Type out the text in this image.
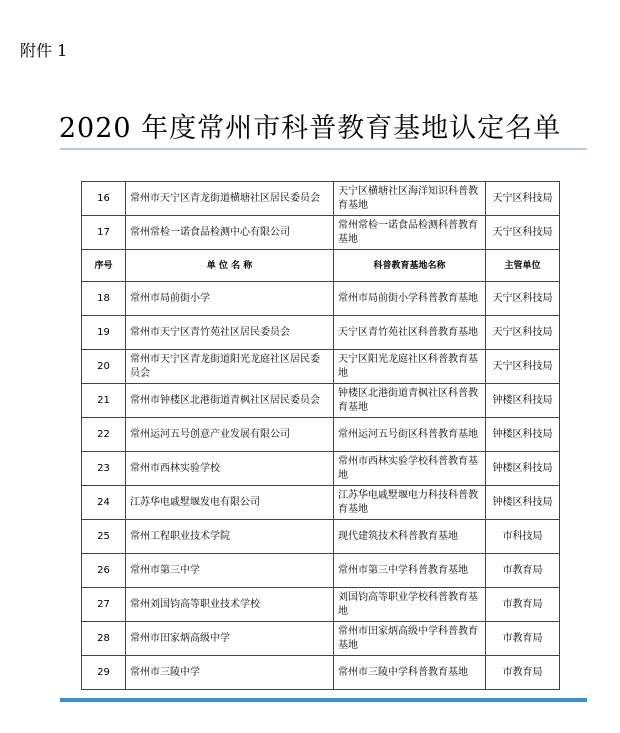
附件 1
2020 年度常州市科普教育基地认定名单
16	常州市天宁区青龙街道横塘社区居民委员会	天宁区横塘社区海洋知识科普教育基地	天宁区科技局
17	常州常检一诺食品检测中心有限公司	常州常检一诺食品检测科普教育基地	天宁区科技局
序号	单 位 名 称	科普教育基地名称	主管单位
18	常州市局前街小学	常州市局前街小学科普教育基地	天宁区科技局
19	常州市天宁区青竹苑社区居民委员会	天宁区青竹苑社区科普教育基地	天宁区科技局
20	常州市天宁区青龙街道阳光龙庭社区居民委员会	天宁区阳光龙庭社区科普教育基地	天宁区科技局
21	常州市钟楼区北港街道青枫社区居民委员会	钟楼区北港街道青枫社区科普教育基地	钟楼区科技局
22	常州运河五号创意产业发展有限公司	常州运河五号街区科普教育基地	钟楼区科技局
23	常州市西林实验学校	常州市西林实验学校科普教育基地	钟楼区科技局
24	江苏华电戚墅堰发电有限公司	江苏华电戚墅堰电力科技科普教育基地	钟楼区科技局
25	常州工程职业技术学院	现代建筑技术科普教育基地	市科技局
26	常州市第三中学	常州市第三中学科普教育基地	市教育局
27	常州刘国钧高等职业技术学校	刘国钧高等职业学校科普教育基地	市教育局
28	常州市田家炳高级中学	常州市田家炳高级中学科普教育基地	市教育局
29	常州市三陵中学	常州市三陵中学科普教育基地	市教育局
